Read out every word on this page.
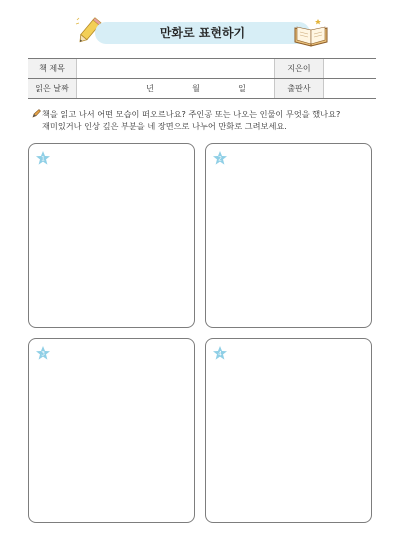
만화로 표현하기
책 제목			지은이	
읽은 날짜	년 월 일		출판사	
책을 읽고 나서 어떤 모습이 떠오르나요? 주인공 또는 나오는 인물이 무엇을 했나요?
재미있거나 인상 깊은 부분을 네 장면으로 나누어 만화로 그려보세요.
1	2
3	4
